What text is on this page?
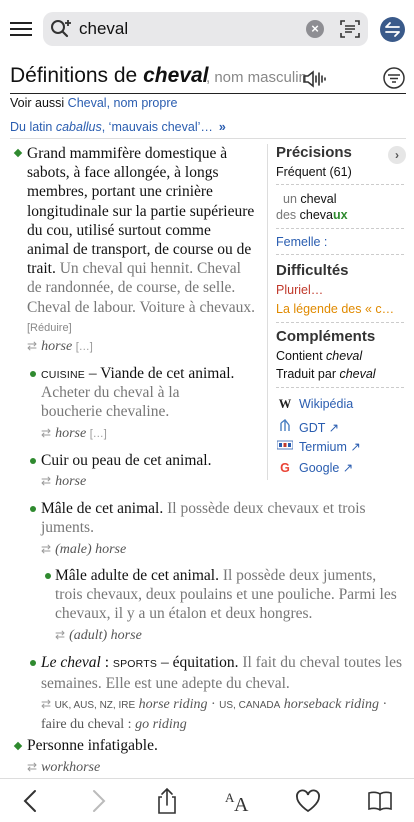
cheval	×
Définitions de cheval
, nom masculin
Voir aussi Cheval, nom propre
Du latin caballus, ‘mauvais cheval’… »
Grand mammifère domestique à sabots, à face allongée, à longs membres, portant une crinière longitudinale sur la partie supérieure du cou, utilisé surtout comme animal de transport, de course ou de trait. Un cheval qui hennit. Cheval de randonnée, de course, de selle. Cheval de labour. Voiture à chevaux. [Réduire]
⇄ horse […]
CUISINE – Viande de cet animal.
Acheter du cheval à la boucherie chevaline.
⇄ horse […]
Cuir ou peau de cet animal.
⇄ horse
Mâle de cet animal. Il possède deux chevaux et trois juments.
⇄ (male) horse
Mâle adulte de cet animal. Il possède deux juments, trois chevaux, deux poulains et une pouliche. Parmi les chevaux, il y a un étalon et deux hongres.
⇄ (adult) horse
Le cheval : SPORTS – équitation. Il fait du cheval toutes les semaines. Elle est une adepte du cheval.
⇄ UK, AUS, NZ, IRE horse riding · US, CANADA horseback riding · faire du cheval : go riding
Personne infatigable.
⇄ workhorse
Précisions	›
Fréquent (61)
un cheval
des chevaux
Femelle :
Difficultés
Pluriel…
La légende des « c…
Compléments
Contient cheval
Traduit par cheval
W Wikipédia
GDT ↗
Termium ↗
G Google ↗
A A
